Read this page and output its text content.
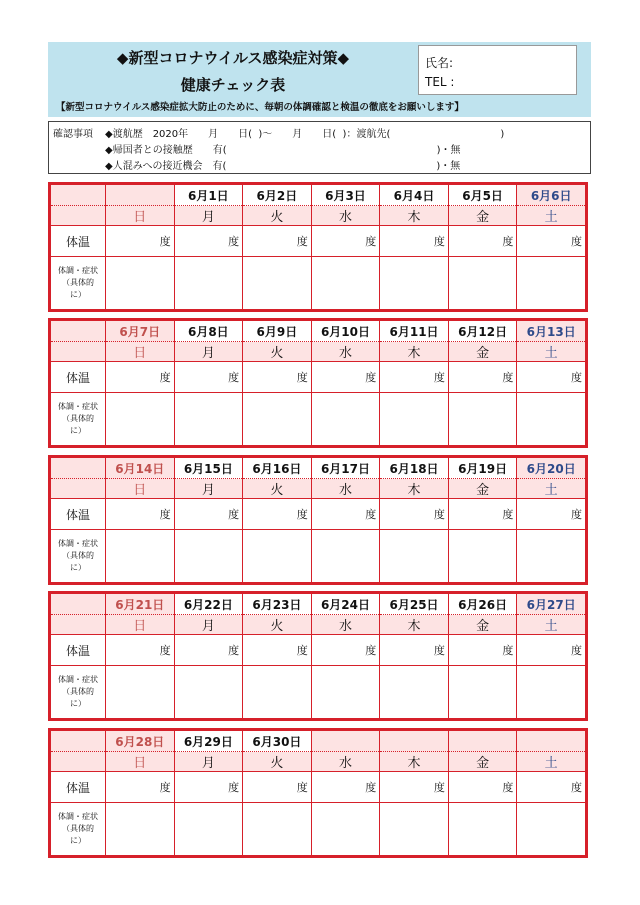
◆新型コロナウイルス感染症対策◆
健康チェック表
【新型コロナウイルス感染症拡大防止のために、毎朝の体調確認と検温の徹底をお願いします】
氏名:
TEL :
確認事項 ◆渡航歴　2020年　　月　　日(  )～　　月　　日(  )：渡航先(　　　　　　　　　　　)
◆帰国者との接触歴　　有(　　　　　　　　　　　　　　　　　　　　　)・無
◆人混みへの接近機会　有(　　　　　　　　　　　　　　　　　　　　　)・無
		6月1日	6月2日	6月3日	6月4日	6月5日	6月6日
	日	月	火	水	木	金	土
体温	度	度	度	度	度	度	度

体調・症状
（具体的
に）							

	6月7日	6月8日	6月9日	6月10日	6月11日	6月12日	6月13日
	日	月	火	水	木	金	土
体温	度	度	度	度	度	度	度

体調・症状
（具体的
に）							

	6月14日	6月15日	6月16日	6月17日	6月18日	6月19日	6月20日
	日	月	火	水	木	金	土
体温	度	度	度	度	度	度	度

体調・症状
（具体的
に）							

	6月21日	6月22日	6月23日	6月24日	6月25日	6月26日	6月27日
	日	月	火	水	木	金	土
体温	度	度	度	度	度	度	度

体調・症状
（具体的
に）							

	6月28日	6月29日	6月30日				
	日	月	火	水	木	金	土
体温	度	度	度	度	度	度	度

体調・症状
（具体的
に）							
